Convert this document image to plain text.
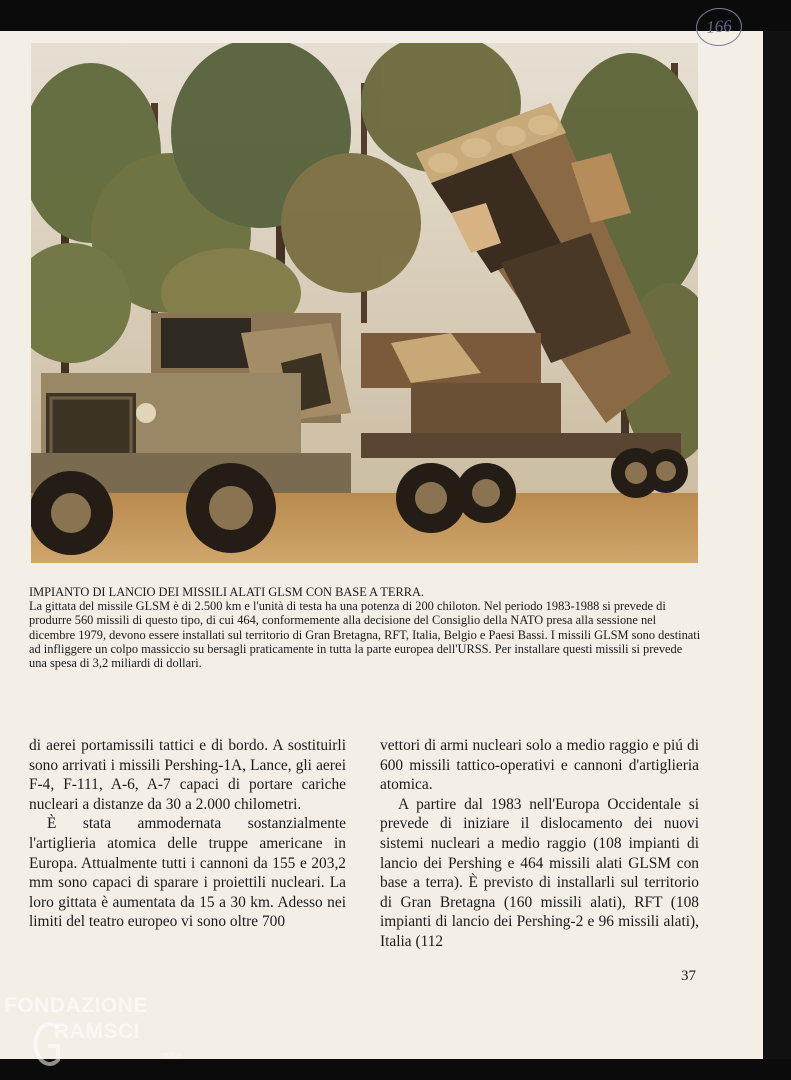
166
IMPIANTO DI LANCIO DEI MISSILI ALATI GLSM CON BASE A TERRA.
La gittata del missile GLSM è di 2.500 km e l'unità di testa ha una potenza di 200 chiloton. Nel periodo 1983-1988 si prevede di produrre 560 missili di questo tipo, di cui 464, conformemente alla decisione del Consiglio della NATO presa alla sessione nel dicembre 1979, devono essere installati sul territorio di Gran Bretagna, RFT, Italia, Belgio e Paesi Bassi. I missili GLSM sono destinati ad infliggere un colpo massiccio su bersagli praticamente in tutta la parte europea dell'URSS. Per installare questi missili si prevede una spesa di 3,2 miliardi di dollari.

di aerei portamissili tattici e di bordo. A sostituirli sono arrivati i missili Pershing-1A, Lance, gli aerei F-4, F-111, A-6, A-7 capaci di portare cariche nucleari a distanze da 30 a 2.000 chilometri.

È stata ammodernata sostanzialmente l'artiglieria atomica delle truppe americane in Europa. Attualmente tutti i cannoni da 155 e 203,2 mm sono capaci di sparare i proiettili nucleari. La loro gittata è aumentata da 15 a 30 km. Adesso nei limiti del teatro europeo vi sono oltre 700

vettori di armi nucleari solo a medio raggio e piú di 600 missili tattico-operativi e cannoni d'artiglieria atomica.

A partire dal 1983 nell'Europa Occidentale si prevede di iniziare il dislocamento dei nuovi sistemi nucleari a medio raggio (108 impianti di lancio dei Pershing e 464 missili alati GLSM con base a terra). È previsto di installarli sul territorio di Gran Bretagna (160 missili alati), RFT (108 impianti di lancio dei Pershing-2 e 96 missili alati), Italia (112

37
FONDAZIONE
RAMSCI
onlus
